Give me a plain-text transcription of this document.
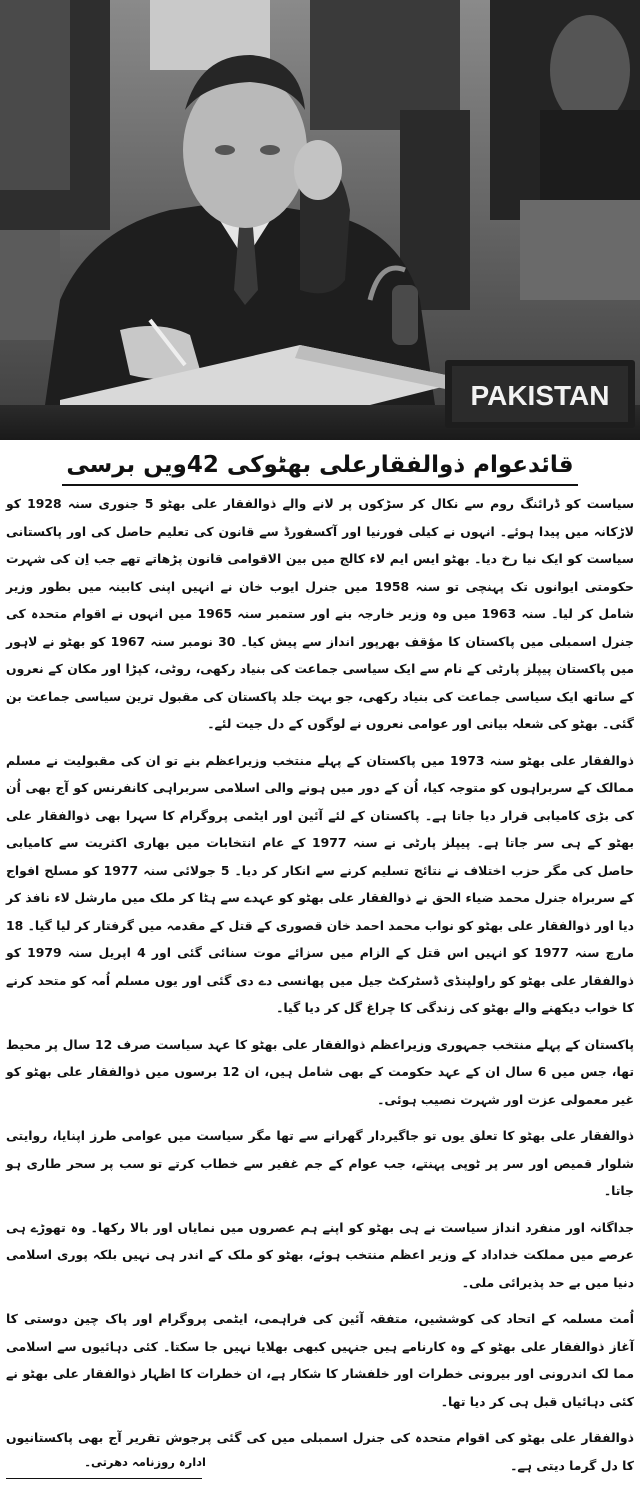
PAKISTAN
قائدعوام ذوالفقارعلی بھٹوکی 42ویں برسی

سیاست کو ڈرائنگ روم سے نکال کر سڑکوں پر لانے والے ذوالفقار علی بھٹو 5 جنوری سنہ 1928 کو لاڑکانہ میں پیدا ہوئے۔ انہوں نے کیلی فورنیا اور آکسفورڈ سے قانون کی تعلیم حاصل کی اور پاکستانی سیاست کو ایک نیا رخ دیا۔ بھٹو ایس ایم لاء کالج میں بین الاقوامی قانون پڑھاتے تھے جب اِن کی شہرت حکومتی ایوانوں تک پہنچی تو سنہ 1958 میں جنرل ایوب خان نے انہیں اپنی کابینہ میں بطور وزیر شامل کر لیا۔ سنہ 1963 میں وہ وزیر خارجہ بنے اور ستمبر سنہ 1965 میں انہوں نے اقوام متحدہ کی جنرل اسمبلی میں پاکستان کا مؤقف بھرپور انداز سے پیش کیا۔ 30 نومبر سنہ 1967 کو بھٹو نے لاہور میں پاکستان پیپلز پارٹی کے نام سے ایک سیاسی جماعت کی بنیاد رکھی، روٹی، کپڑا اور مکان کے نعروں کے ساتھ ایک سیاسی جماعت کی بنیاد رکھی، جو بہت جلد پاکستان کی مقبول ترین سیاسی جماعت بن گئی۔ بھٹو کی شعلہ بیانی اور عوامی نعروں نے لوگوں کے دل جیت لئے۔

ذوالفقار علی بھٹو سنہ 1973 میں پاکستان کے پہلے منتخب وزیراعظم بنے تو ان کی مقبولیت نے مسلم ممالک کے سربراہوں کو متوجہ کیا، اُن کے دور میں ہونے والی اسلامی سربراہی کانفرنس کو آج بھی اُن کی بڑی کامیابی قرار دیا جاتا ہے۔ پاکستان کے لئے آئین اور ایٹمی پروگرام کا سہرا بھی ذوالفقار علی بھٹو کے ہی سر جاتا ہے۔ پیپلز پارٹی نے سنہ 1977 کے عام انتخابات میں بھاری اکثریت سے کامیابی حاصل کی مگر حزب اختلاف نے نتائج تسلیم کرنے سے انکار کر دیا۔ 5 جولائی سنہ 1977 کو مسلح افواج کے سربراہ جنرل محمد ضیاء الحق نے ذوالفقار علی بھٹو کو عہدے سے ہٹا کر ملک میں مارشل لاء نافذ کر دیا اور ذوالفقار علی بھٹو کو نواب محمد احمد خان قصوری کے قتل کے مقدمہ میں گرفتار کر لیا گیا۔ 18 مارچ سنہ 1977 کو انہیں اس قتل کے الزام میں سزائے موت سنائی گئی اور 4 اپریل سنہ 1979 کو ذوالفقار علی بھٹو کو راولپنڈی ڈسٹرکٹ جیل میں پھانسی دے دی گئی اور یوں مسلم اُمہ کو متحد کرنے کا خواب دیکھنے والے بھٹو کی زندگی کا چراغ گل کر دیا گیا۔

پاکستان کے پہلے منتخب جمہوری وزیراعظم ذوالفقار علی بھٹو کا عہد سیاست صرف 12 سال پر محیط تھا، جس میں 6 سال ان کے عہد حکومت کے بھی شامل ہیں، ان 12 برسوں میں ذوالفقار علی بھٹو کو غیر معمولی عزت اور شہرت نصیب ہوئی۔

ذوالفقار علی بھٹو کا تعلق یوں تو جاگیردار گھرانے سے تھا مگر سیاست میں عوامی طرز اپنایا، روایتی شلوار قمیص اور سر پر ٹوپی پہنتے، جب عوام کے جم غفیر سے خطاب کرتے تو سب پر سحر طاری ہو جاتا۔

جداگانہ اور منفرد انداز سیاست نے ہی بھٹو کو اپنے ہم عصروں میں نمایاں اور بالا رکھا۔ وہ تھوڑے ہی عرصے میں مملکت خداداد کے وزیر اعظم منتخب ہوئے، بھٹو کو ملک کے اندر ہی نہیں بلکہ پوری اسلامی دنیا میں بے حد پذیرائی ملی۔

اُمت مسلمہ کے اتحاد کی کوششیں، متفقہ آئین کی فراہمی، ایٹمی پروگرام اور پاک چین دوستی کا آغاز ذوالفقار علی بھٹو کے وہ کارنامے ہیں جنہیں کبھی بھلایا نہیں جا سکتا۔ کئی دہائیوں سے اسلامی مما لک اندرونی اور بیرونی خطرات اور خلفشار کا شکار ہے، ان خطرات کا اظہار ذوالفقار علی بھٹو نے کئی دہائیاں قبل ہی کر دیا تھا۔

ذوالفقار علی بھٹو کی اقوام متحدہ کی جنرل اسمبلی میں کی گئی پرجوش تقریر آج بھی پاکستانیوں کا دل گرما دیتی ہے۔

ادارہ روزنامہ دھرتی۔
